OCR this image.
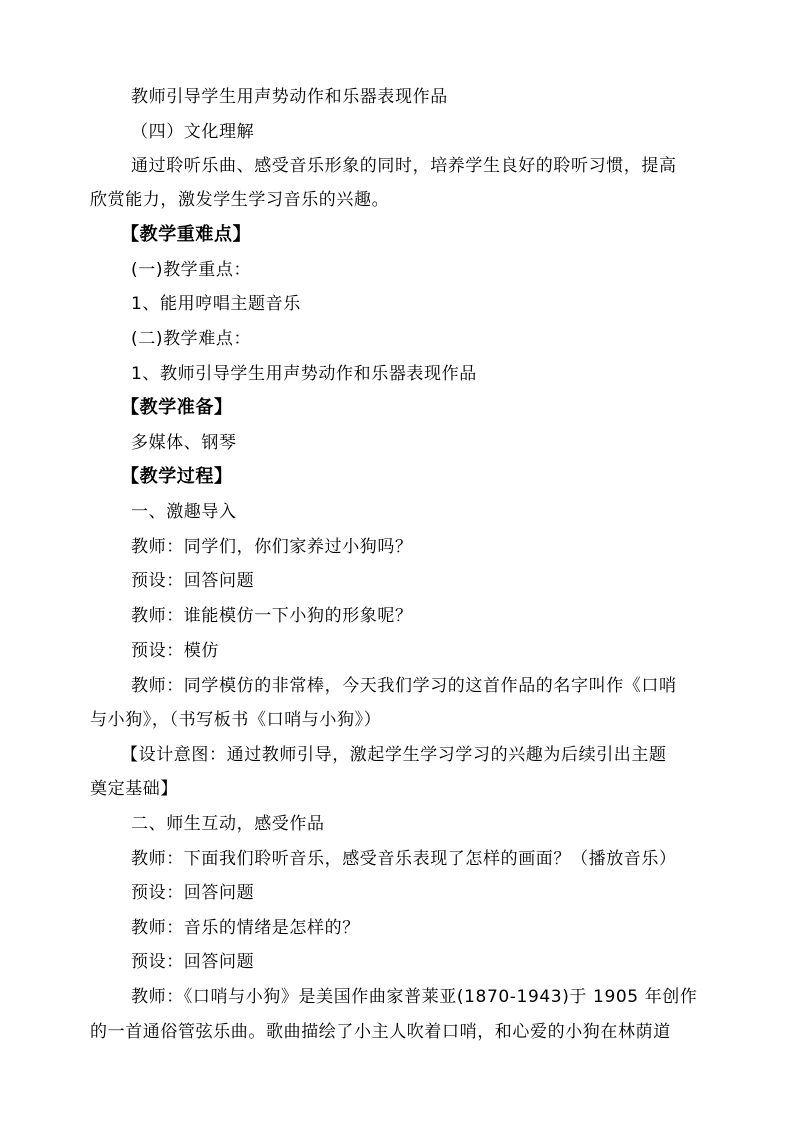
教师引导学生用声势动作和乐器表现作品
（四）文化理解
通过聆听乐曲、感受音乐形象的同时，培养学生良好的聆听习惯，提高
欣赏能力，激发学生学习音乐的兴趣。
【教学重难点】
(一)教学重点：
1、能用哼唱主题音乐
(二)教学难点：
1、教师引导学生用声势动作和乐器表现作品
【教学准备】
多媒体、钢琴
【教学过程】
一、激趣导入
教师：同学们，你们家养过小狗吗？
预设：回答问题
教师：谁能模仿一下小狗的形象呢？
预设：模仿
教师：同学模仿的非常棒，今天我们学习的这首作品的名字叫作《口哨
与小狗》，（书写板书《口哨与小狗》）
【设计意图：通过教师引导，激起学生学习学习的兴趣为后续引出主题
奠定基础】
二、师生互动，感受作品
教师：下面我们聆听音乐，感受音乐表现了怎样的画面？（播放音乐）
预设：回答问题
教师：音乐的情绪是怎样的？
预设：回答问题
教师：《口哨与小狗》是美国作曲家普莱亚(1870-1943)于 1905 年创作
的一首通俗管弦乐曲。歌曲描绘了小主人吹着口哨，和心爱的小狗在林荫道
